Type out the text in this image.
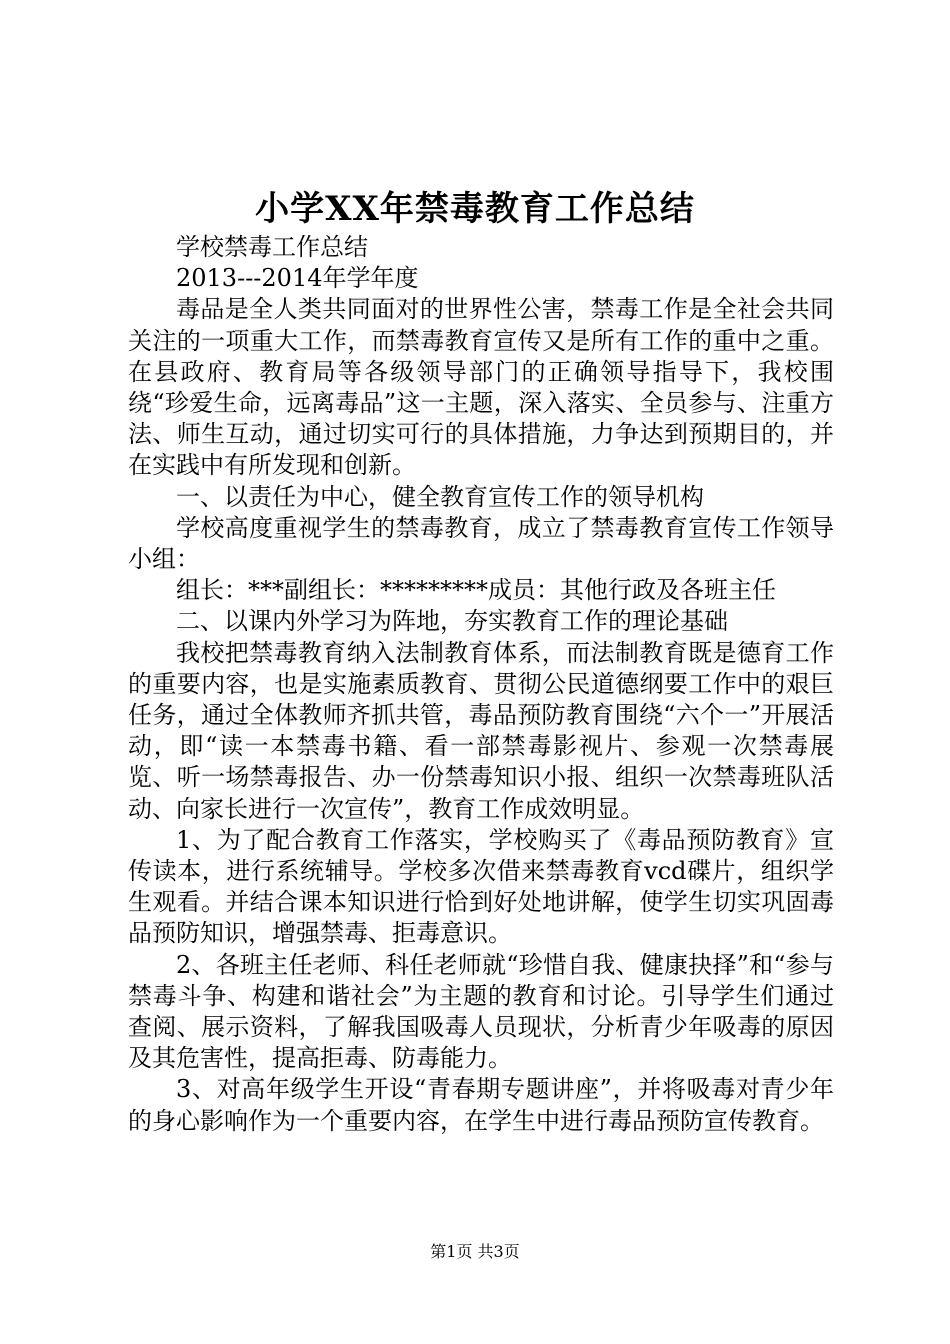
小学XX年禁毒教育工作总结

学校禁毒工作总结

2013---2014年学年度

毒品是全人类共同面对的世界性公害，禁毒工作是全社会共同关注的一项重大工作，而禁毒教育宣传又是所有工作的重中之重。在县政府、教育局等各级领导部门的正确领导指导下，我校围绕“珍爱生命，远离毒品”这一主题，深入落实、全员参与、注重方法、师生互动，通过切实可行的具体措施，力争达到预期目的，并在实践中有所发现和创新。

一、以责任为中心，健全教育宣传工作的领导机构

学校高度重视学生的禁毒教育，成立了禁毒教育宣传工作领导小组：

组长：***副组长：*********成员：其他行政及各班主任

二、以课内外学习为阵地，夯实教育工作的理论基础

我校把禁毒教育纳入法制教育体系，而法制教育既是德育工作的重要内容，也是实施素质教育、贯彻公民道德纲要工作中的艰巨任务，通过全体教师齐抓共管，毒品预防教育围绕“六个一”开展活动，即“读一本禁毒书籍、看一部禁毒影视片、参观一次禁毒展览、听一场禁毒报告、办一份禁毒知识小报、组织一次禁毒班队活动、向家长进行一次宣传”，教育工作成效明显。

1、为了配合教育工作落实，学校购买了《毒品预防教育》宣传读本，进行系统辅导。学校多次借来禁毒教育vcd碟片，组织学生观看。并结合课本知识进行恰到好处地讲解，使学生切实巩固毒品预防知识，增强禁毒、拒毒意识。

2、各班主任老师、科任老师就“珍惜自我、健康抉择”和“参与禁毒斗争、构建和谐社会”为主题的教育和讨论。引导学生们通过查阅、展示资料，了解我国吸毒人员现状，分析青少年吸毒的原因及其危害性，提高拒毒、防毒能力。

3、对高年级学生开设“青春期专题讲座”，并将吸毒对青少年的身心影响作为一个重要内容，在学生中进行毒品预防宣传教育。

第1页 共3页
